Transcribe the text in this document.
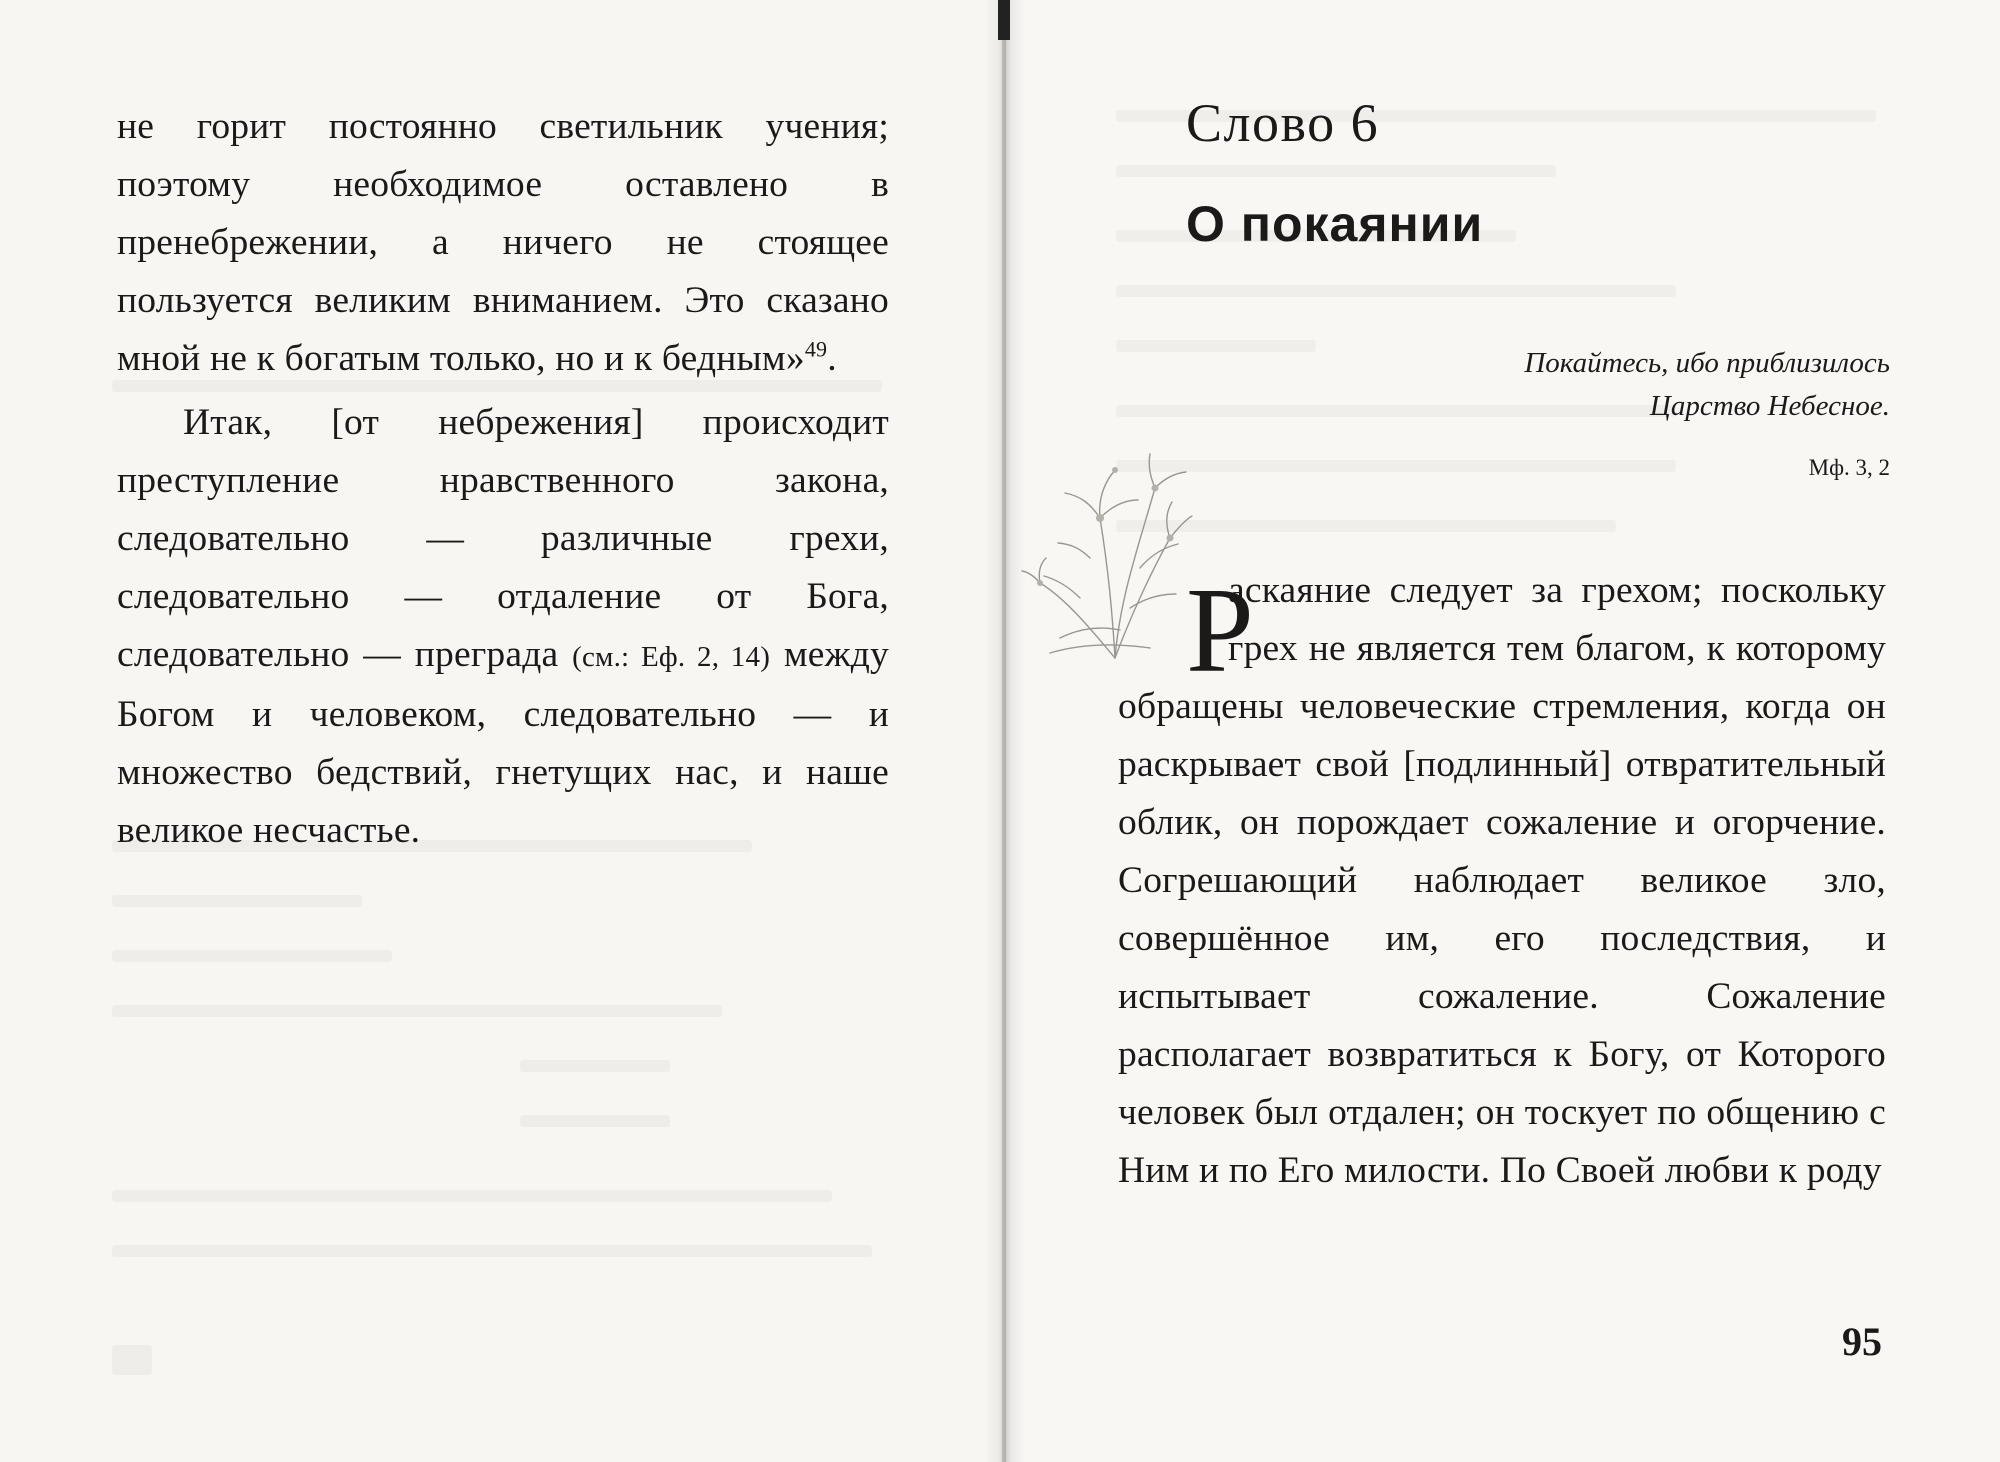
не горит постоянно светильник учения; поэтому необходимое оставлено в пренебрежении, а ничего не стоящее пользуется великим вниманием. Это сказано мной не к богатым только, но и к бедным»$^{49}$.

Итак, [от небрежения] происходит преступление нравственного закона, следовательно — различные грехи, следовательно — отдаление от Бога, следовательно — преграда (см.: Еф. 2, 14) между Богом и человеком, следовательно — и множество бедствий, гнетущих нас, и наше великое несчастье.

Слово 6
О покаянии
Покайтесь, ибо приблизилось
Царство Небесное.
Мф. 3, 2
Р
аскаяние следует за грехом; поскольку грех не является тем благом, к которому обращены человеческие стремления, когда он раскрывает свой [подлинный] отвратительный облик, он порождает сожаление и огорчение. Согрешающий наблюдает великое зло, совершённое им, его последствия, и испытывает сожаление. Сожаление располагает возвратиться к Богу, от Которого человек был отдален; он тоскует по общению с Ним и по Его милости. По Своей любви к роду
95
